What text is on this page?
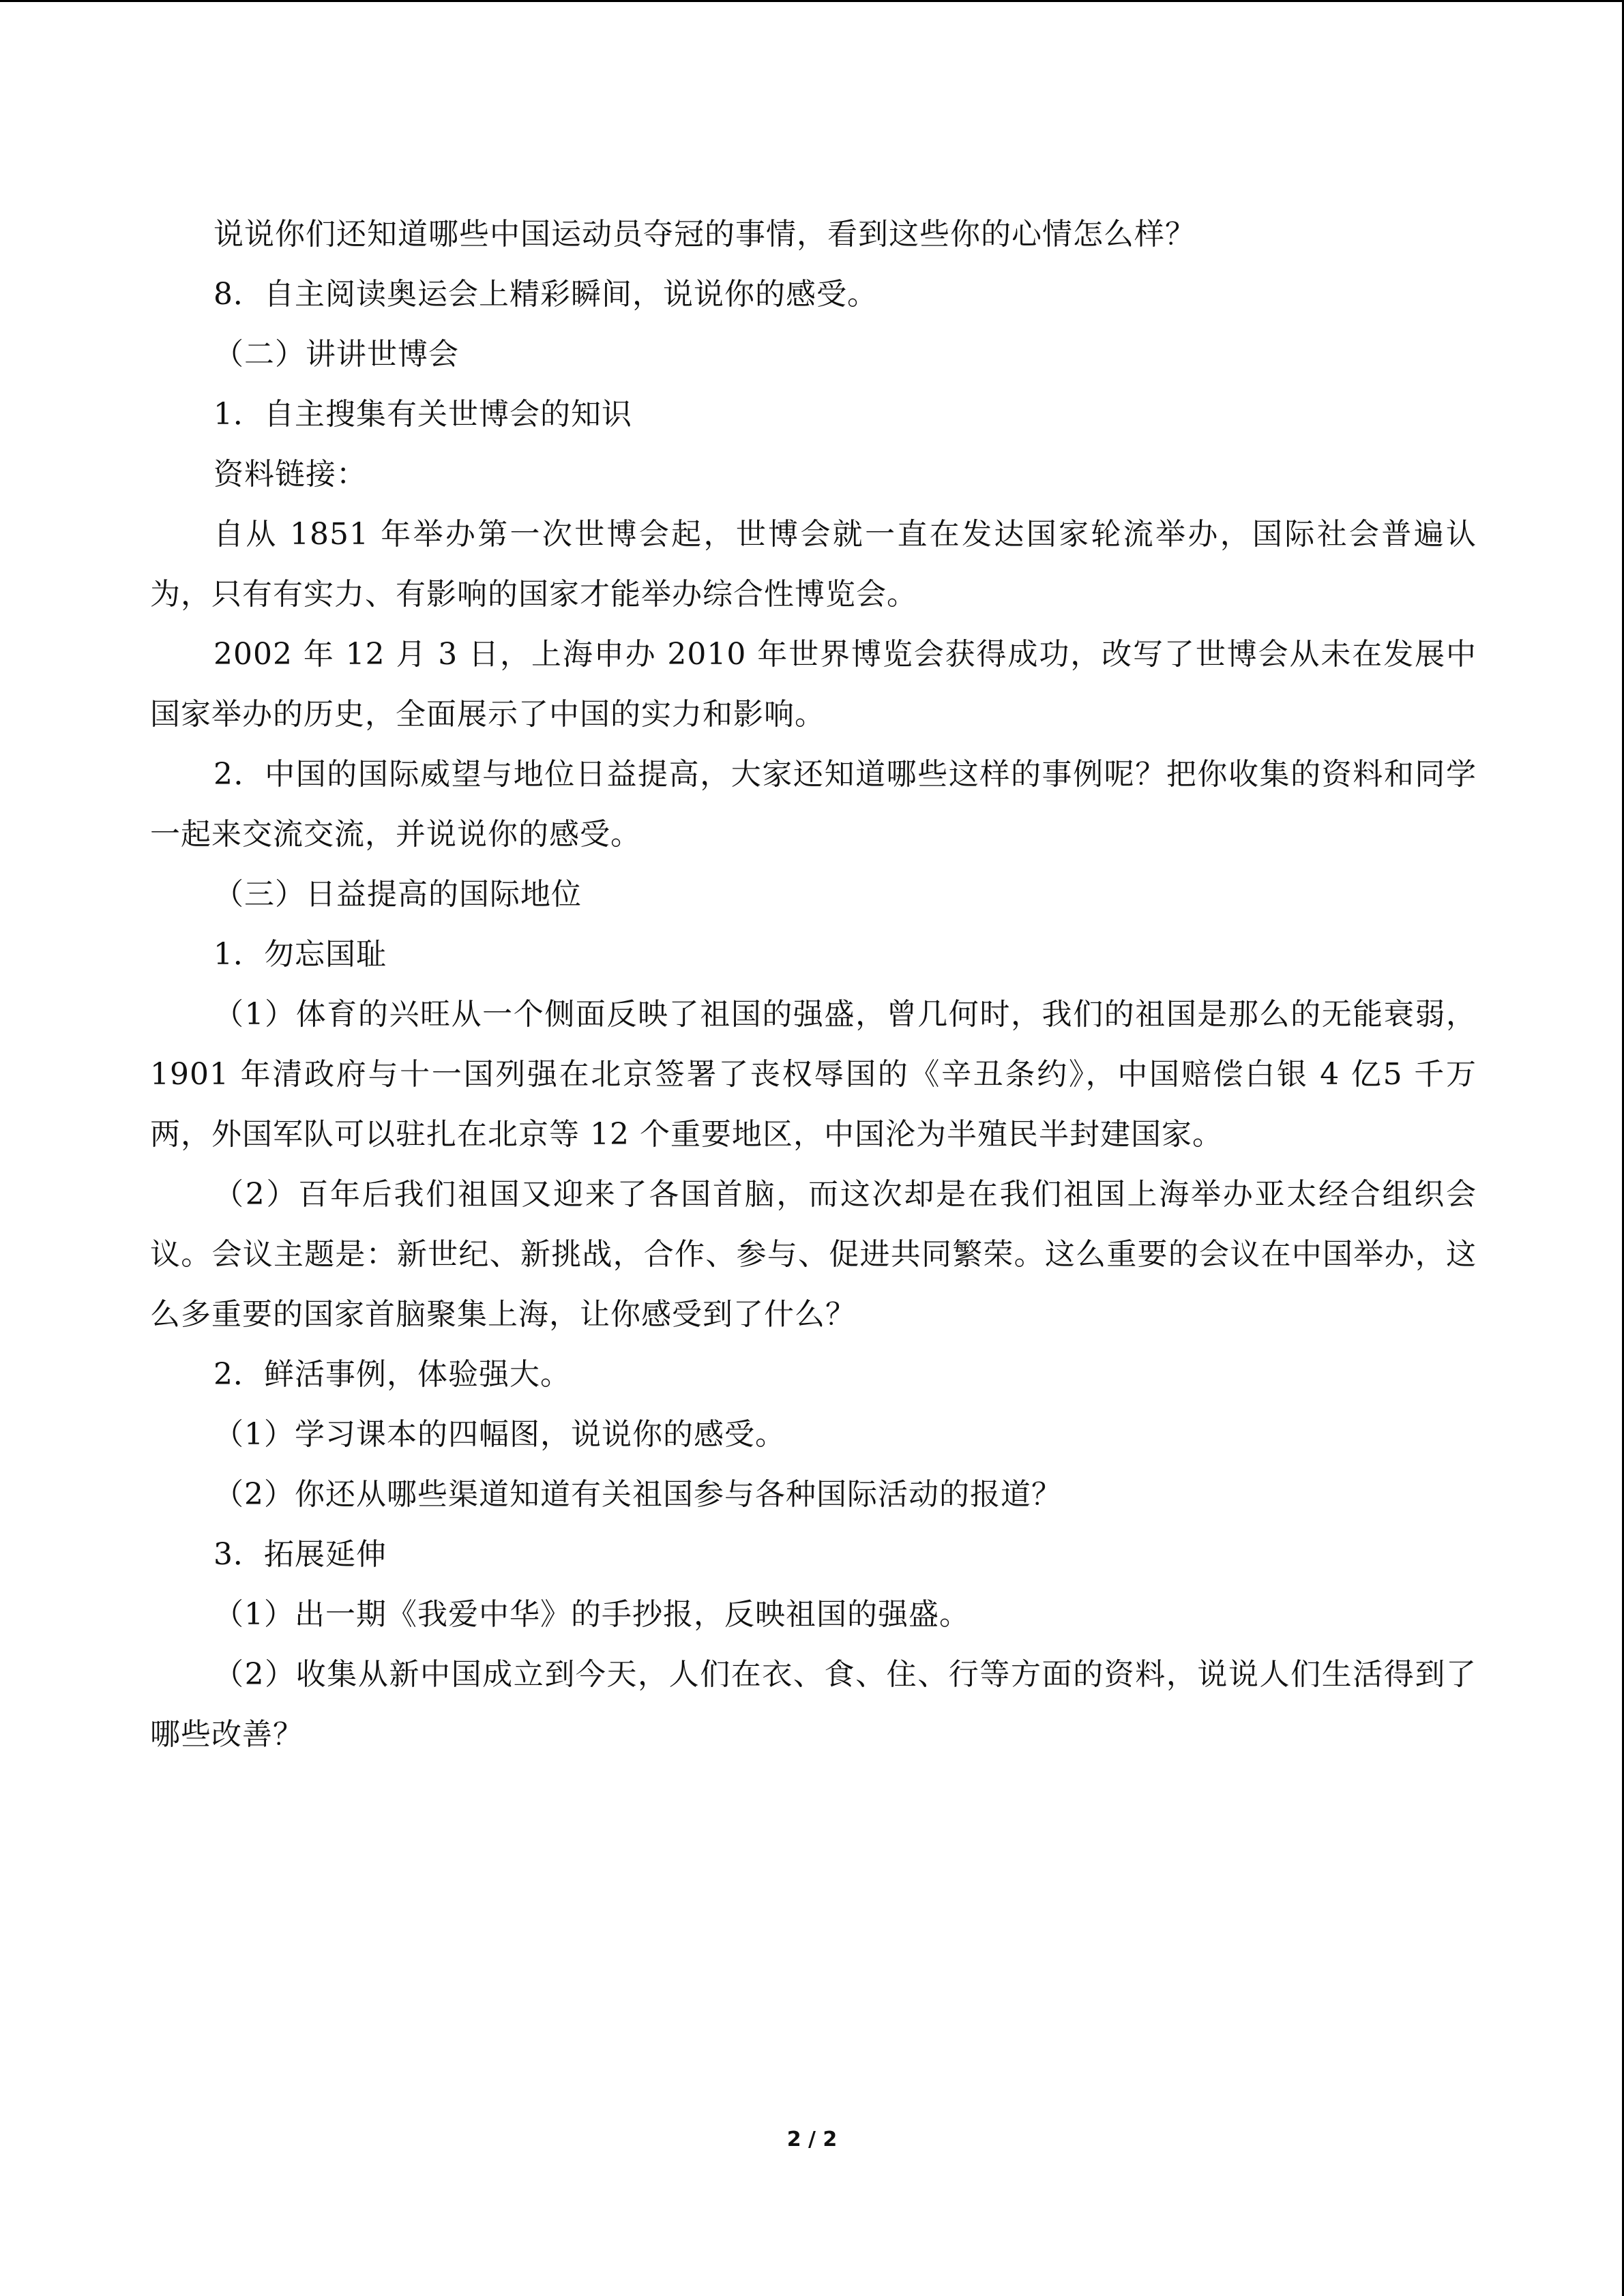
说说你们还知道哪些中国运动员夺冠的事情，看到这些你的心情怎么样？

8．自主阅读奥运会上精彩瞬间，说说你的感受。

（二）讲讲世博会

1．自主搜集有关世博会的知识

资料链接：

自从 1851 年举办第一次世博会起，世博会就一直在发达国家轮流举办，国际社会普遍认为，只有有实力、有影响的国家才能举办综合性博览会。

2002 年 12 月 3 日，上海申办 2010 年世界博览会获得成功，改写了世博会从未在发展中国家举办的历史，全面展示了中国的实力和影响。

2．中国的国际威望与地位日益提高，大家还知道哪些这样的事例呢？把你收集的资料和同学一起来交流交流，并说说你的感受。

（三）日益提高的国际地位

1．勿忘国耻

（1）体育的兴旺从一个侧面反映了祖国的强盛，曾几何时，我们的祖国是那么的无能衰弱，1901 年清政府与十一国列强在北京签署了丧权辱国的《辛丑条约》，中国赔偿白银 4 亿5 千万两，外国军队可以驻扎在北京等 12 个重要地区，中国沦为半殖民半封建国家。

（2）百年后我们祖国又迎来了各国首脑，而这次却是在我们祖国上海举办亚太经合组织会议。会议主题是：新世纪、新挑战，合作、参与、促进共同繁荣。这么重要的会议在中国举办，这么多重要的国家首脑聚集上海，让你感受到了什么？

2．鲜活事例，体验强大。

（1）学习课本的四幅图，说说你的感受。

（2）你还从哪些渠道知道有关祖国参与各种国际活动的报道？

3．拓展延伸

（1）出一期《我爱中华》的手抄报，反映祖国的强盛。

（2）收集从新中国成立到今天，人们在衣、食、住、行等方面的资料，说说人们生活得到了哪些改善？

2 / 2
